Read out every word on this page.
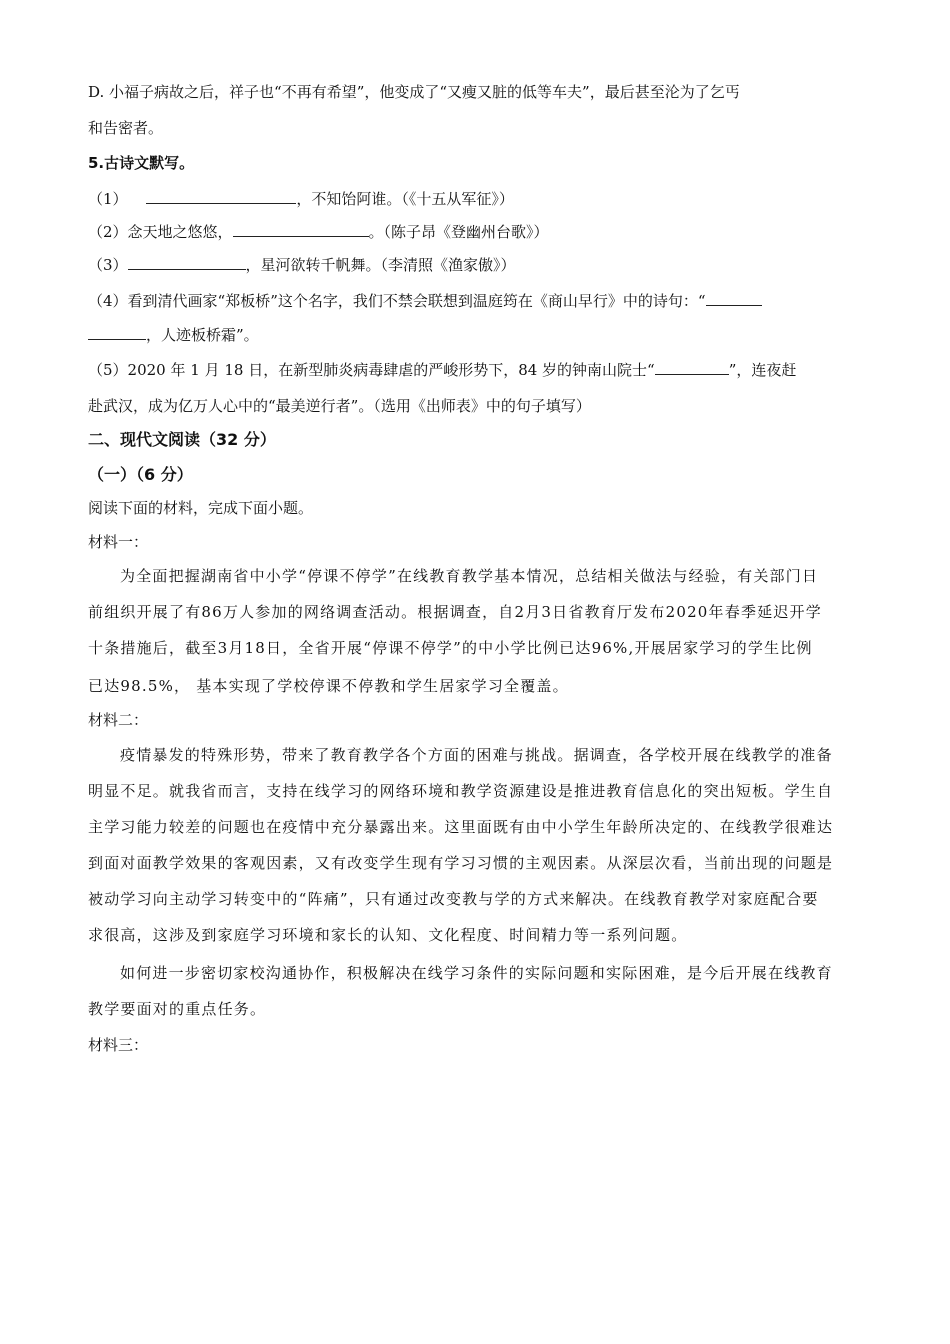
D. 小福子病故之后，祥子也“不再有希望”，他变成了“又瘦又脏的低等车夫”，最后甚至沦为了乞丐
和告密者。
5.古诗文默写。
（1）	，不知饴阿谁。（《十五从军征》）
（2）念天地之悠悠，	。（陈子昂《登幽州台歌》）
（3）	，星河欲转千帆舞。（李清照《渔家傲》）
（4）看到清代画家“郑板桥”这个名字，我们不禁会联想到温庭筠在《商山早行》中的诗句：“
，人迹板桥霜”。
（5）2020 年 1 月 18 日，在新型肺炎病毒肆虐的严峻形势下，84 岁的钟南山院士“	”，连夜赶
赴武汉，成为亿万人心中的“最美逆行者”。（选用《出师表》中的句子填写）
二、现代文阅读（32 分）
（一）（6 分）
阅读下面的材料，完成下面小题。
材料一：
为全面把握湖南省中小学“停课不停学”在线教育教学基本情况，总结相关做法与经验，有关部门日
前组织开展了有86万人参加的网络调查活动。根据调查，自2月3日省教育厅发布2020年春季延迟开学
十条措施后，截至3月18日，全省开展“停课不停学”的中小学比例已达96%,开展居家学习的学生比例
已达98.5%， 基本实现了学校停课不停教和学生居家学习全覆盖。
材料二：
疫情暴发的特殊形势，带来了教育教学各个方面的困难与挑战。据调查，各学校开展在线教学的准备
明显不足。就我省而言，支持在线学习的网络环境和教学资源建设是推进教育信息化的突出短板。学生自
主学习能力较差的问题也在疫情中充分暴露出来。这里面既有由中小学生年龄所决定的、在线教学很难达
到面对面教学效果的客观因素，又有改变学生现有学习习惯的主观因素。从深层次看，当前出现的问题是
被动学习向主动学习转变中的“阵痛”，只有通过改变教与学的方式来解决。在线教育教学对家庭配合要
求很高，这涉及到家庭学习环境和家长的认知、文化程度、时间精力等一系列问题。
如何进一步密切家校沟通协作，积极解决在线学习条件的实际问题和实际困难，是今后开展在线教育
教学要面对的重点任务。
材料三：
